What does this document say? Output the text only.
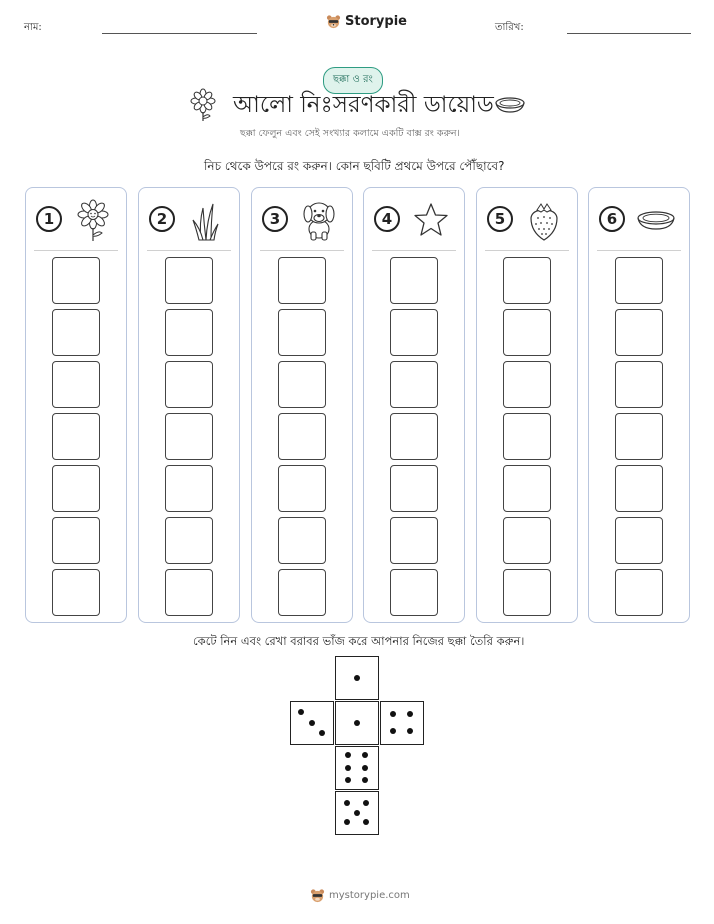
নাম:	Storypie	তারিখ:
ছক্কা ও রং
আলো নিঃসরণকারী ডায়োড
ছক্কা ফেলুন এবং সেই সংখ্যার কলামে একটি বাক্স রং করুন।
নিচ থেকে উপরে রং করুন। কোন ছবিটি প্রথমে উপরে পৌঁছাবে?
1	2	3	4	5	6
কেটে নিন এবং রেখা বরাবর ভাঁজ করে আপনার নিজের ছক্কা তৈরি করুন।
mystorypie.com
